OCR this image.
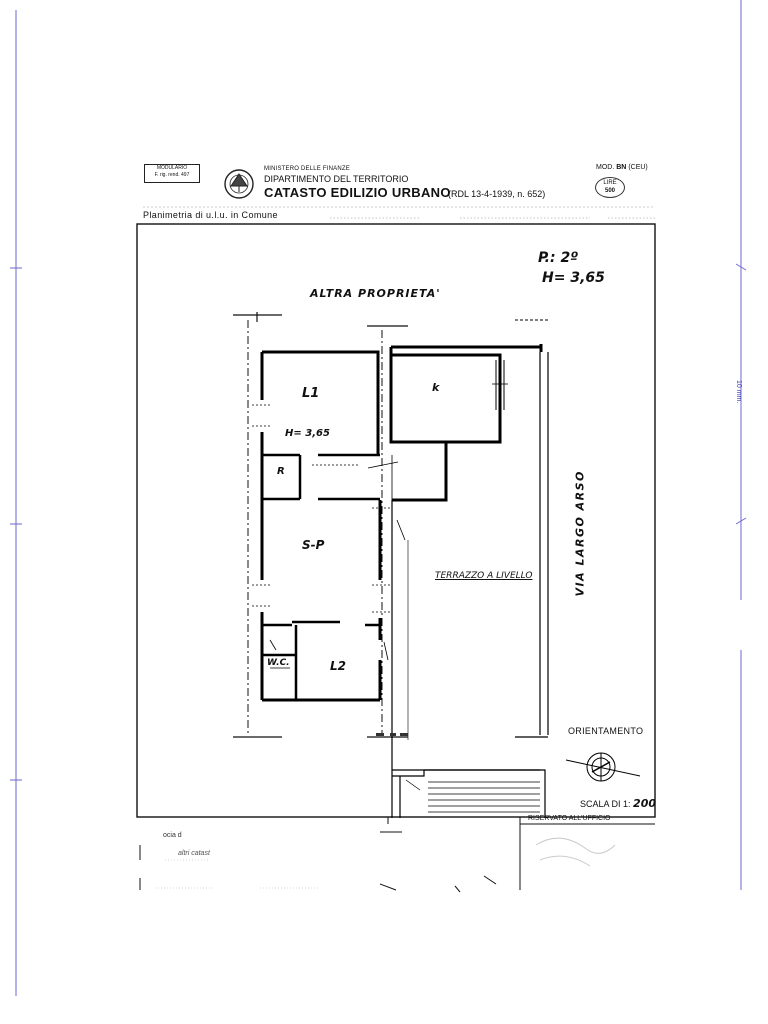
MODULARIO
F. rig. rend. 497
MINISTERO DELLE FINANZE
DIPARTIMENTO DEL TERRITORIO
CATASTO EDILIZIO URBANO
(RDL 13-4-1939, n. 652)
MOD. BN (CEU)
LIRE
500
Planimetria di u.l.u. in Comune
P.: 2º
H= 3,65
ALTRA PROPRIETA'
L1	k
H= 3,65
R
S-P
W.C.	L2
TERRAZZO A LIVELLO	VIA LARGO ARSO
ORIENTAMENTO
SCALA DI 1: 200
RISERVATO ALL'UFFICIO
ocia d
altri catast
10 mm.
